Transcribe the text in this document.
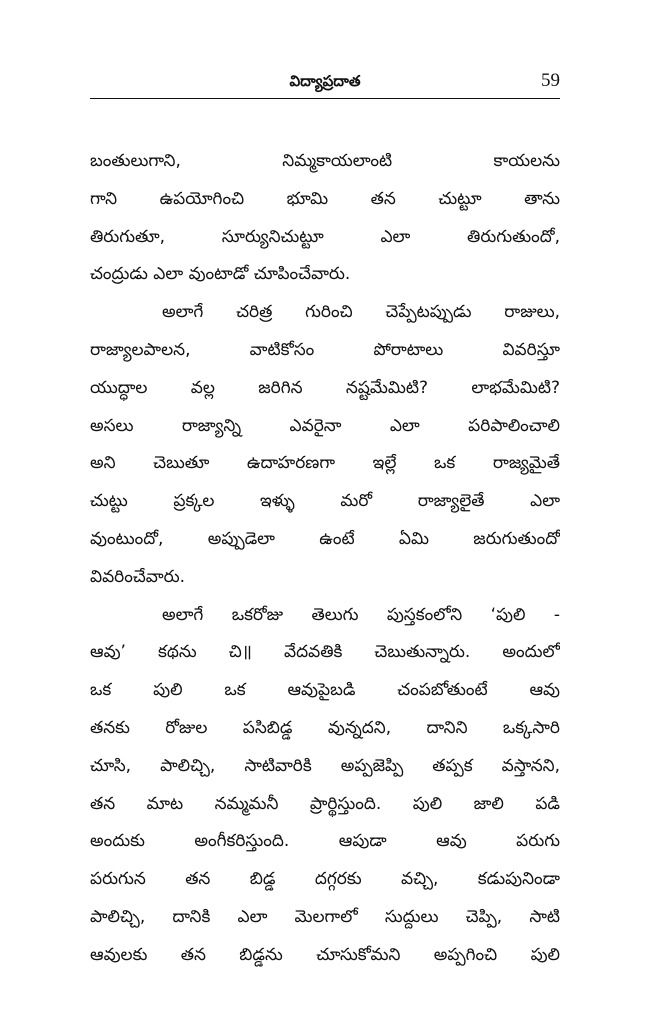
విద్యాప్రదాత	59
బంతులుగాని, నిమ్మకాయలాంటి కాయలను
గాని ఉపయోగించి భూమి తన చుట్టూ తాను
తిరుగుతూ, సూర్యునిచుట్టూ ఎలా తిరుగుతుందో,
చంద్రుడు ఎలా వుంటాడో చూపించేవారు.
అలాగే చరిత్ర గురించి చెప్పేటప్పుడు రాజులు,
రాజ్యాలపాలన, వాటికోసం పోరాటాలు వివరిస్తూ
యుద్ధాల వల్ల జరిగిన నష్టమేమిటి? లాభమేమిటి?
అసలు రాజ్యాన్ని ఎవరైనా ఎలా పరిపాలించాలి
అని చెబుతూ ఉదాహరణగా ఇల్లే ఒక రాజ్యమైతే
చుట్టు ప్రక్కల ఇళ్ళు మరో రాజ్యాలైతే ఎలా
వుంటుందో, అప్పుడెలా ఉంటే ఏమి జరుగుతుందో
వివరించేవారు.
అలాగే ఒకరోజు తెలుగు పుస్తకంలోని ‘పులి -
ఆవు’ కథను చి॥ వేదవతికి చెబుతున్నారు. అందులో
ఒక పులి ఒక ఆవుపైబడి చంపబోతుంటే ఆవు
తనకు రోజుల పసిబిడ్డ వున్నదని, దానిని ఒక్కసారి
చూసి, పాలిచ్చి, సాటివారికి అప్పజెప్పి తప్పక వస్తానని,
తన మాట నమ్మమనీ ప్రార్థిస్తుంది. పులి జాలి పడి
అందుకు అంగీకరిస్తుంది. ఆపుడా ఆవు పరుగు
పరుగున తన బిడ్డ దగ్గరకు వచ్చి, కడుపునిండా
పాలిచ్చి, దానికి ఎలా మెలగాలో సుద్దులు చెప్పి, సాటి
ఆవులకు తన బిడ్డను చూసుకోమని అప్పగించి పులి
